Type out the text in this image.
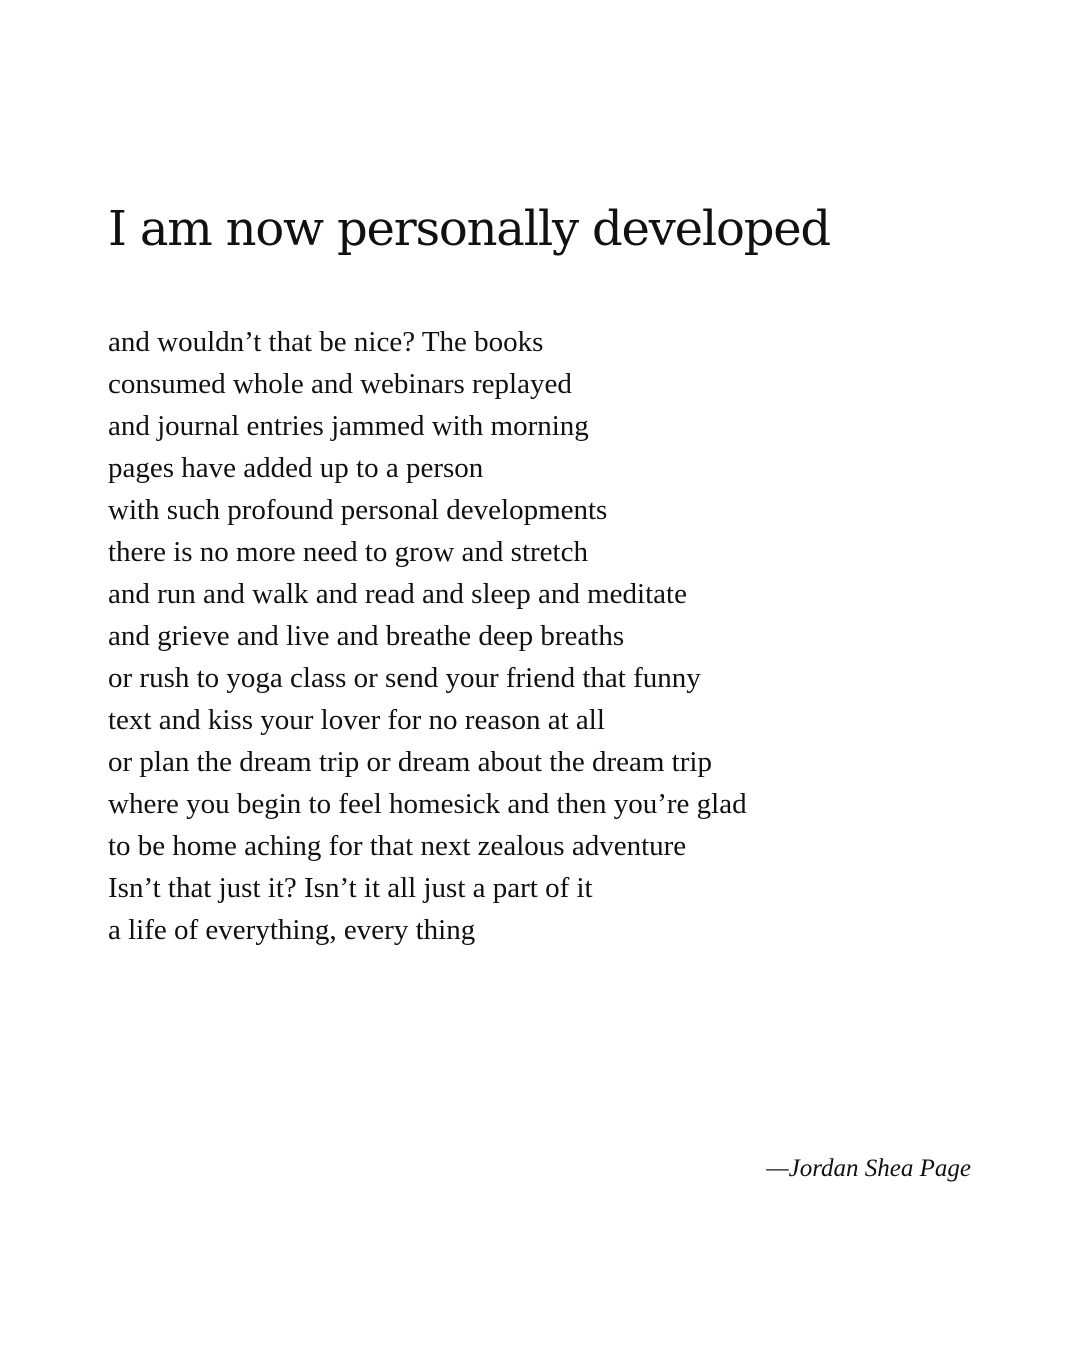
I am now personally developed
and wouldn’t that be nice? The books
consumed whole and webinars replayed
and journal entries jammed with morning
pages have added up to a person
with such profound personal developments
there is no more need to grow and stretch
and run and walk and read and sleep and meditate
and grieve and live and breathe deep breaths
or rush to yoga class or send your friend that funny
text and kiss your lover for no reason at all
or plan the dream trip or dream about the dream trip
where you begin to feel homesick and then you’re glad
to be home aching for that next zealous adventure
Isn’t that just it? Isn’t it all just a part of it
a life of everything, every thing

—Jordan Shea Page
